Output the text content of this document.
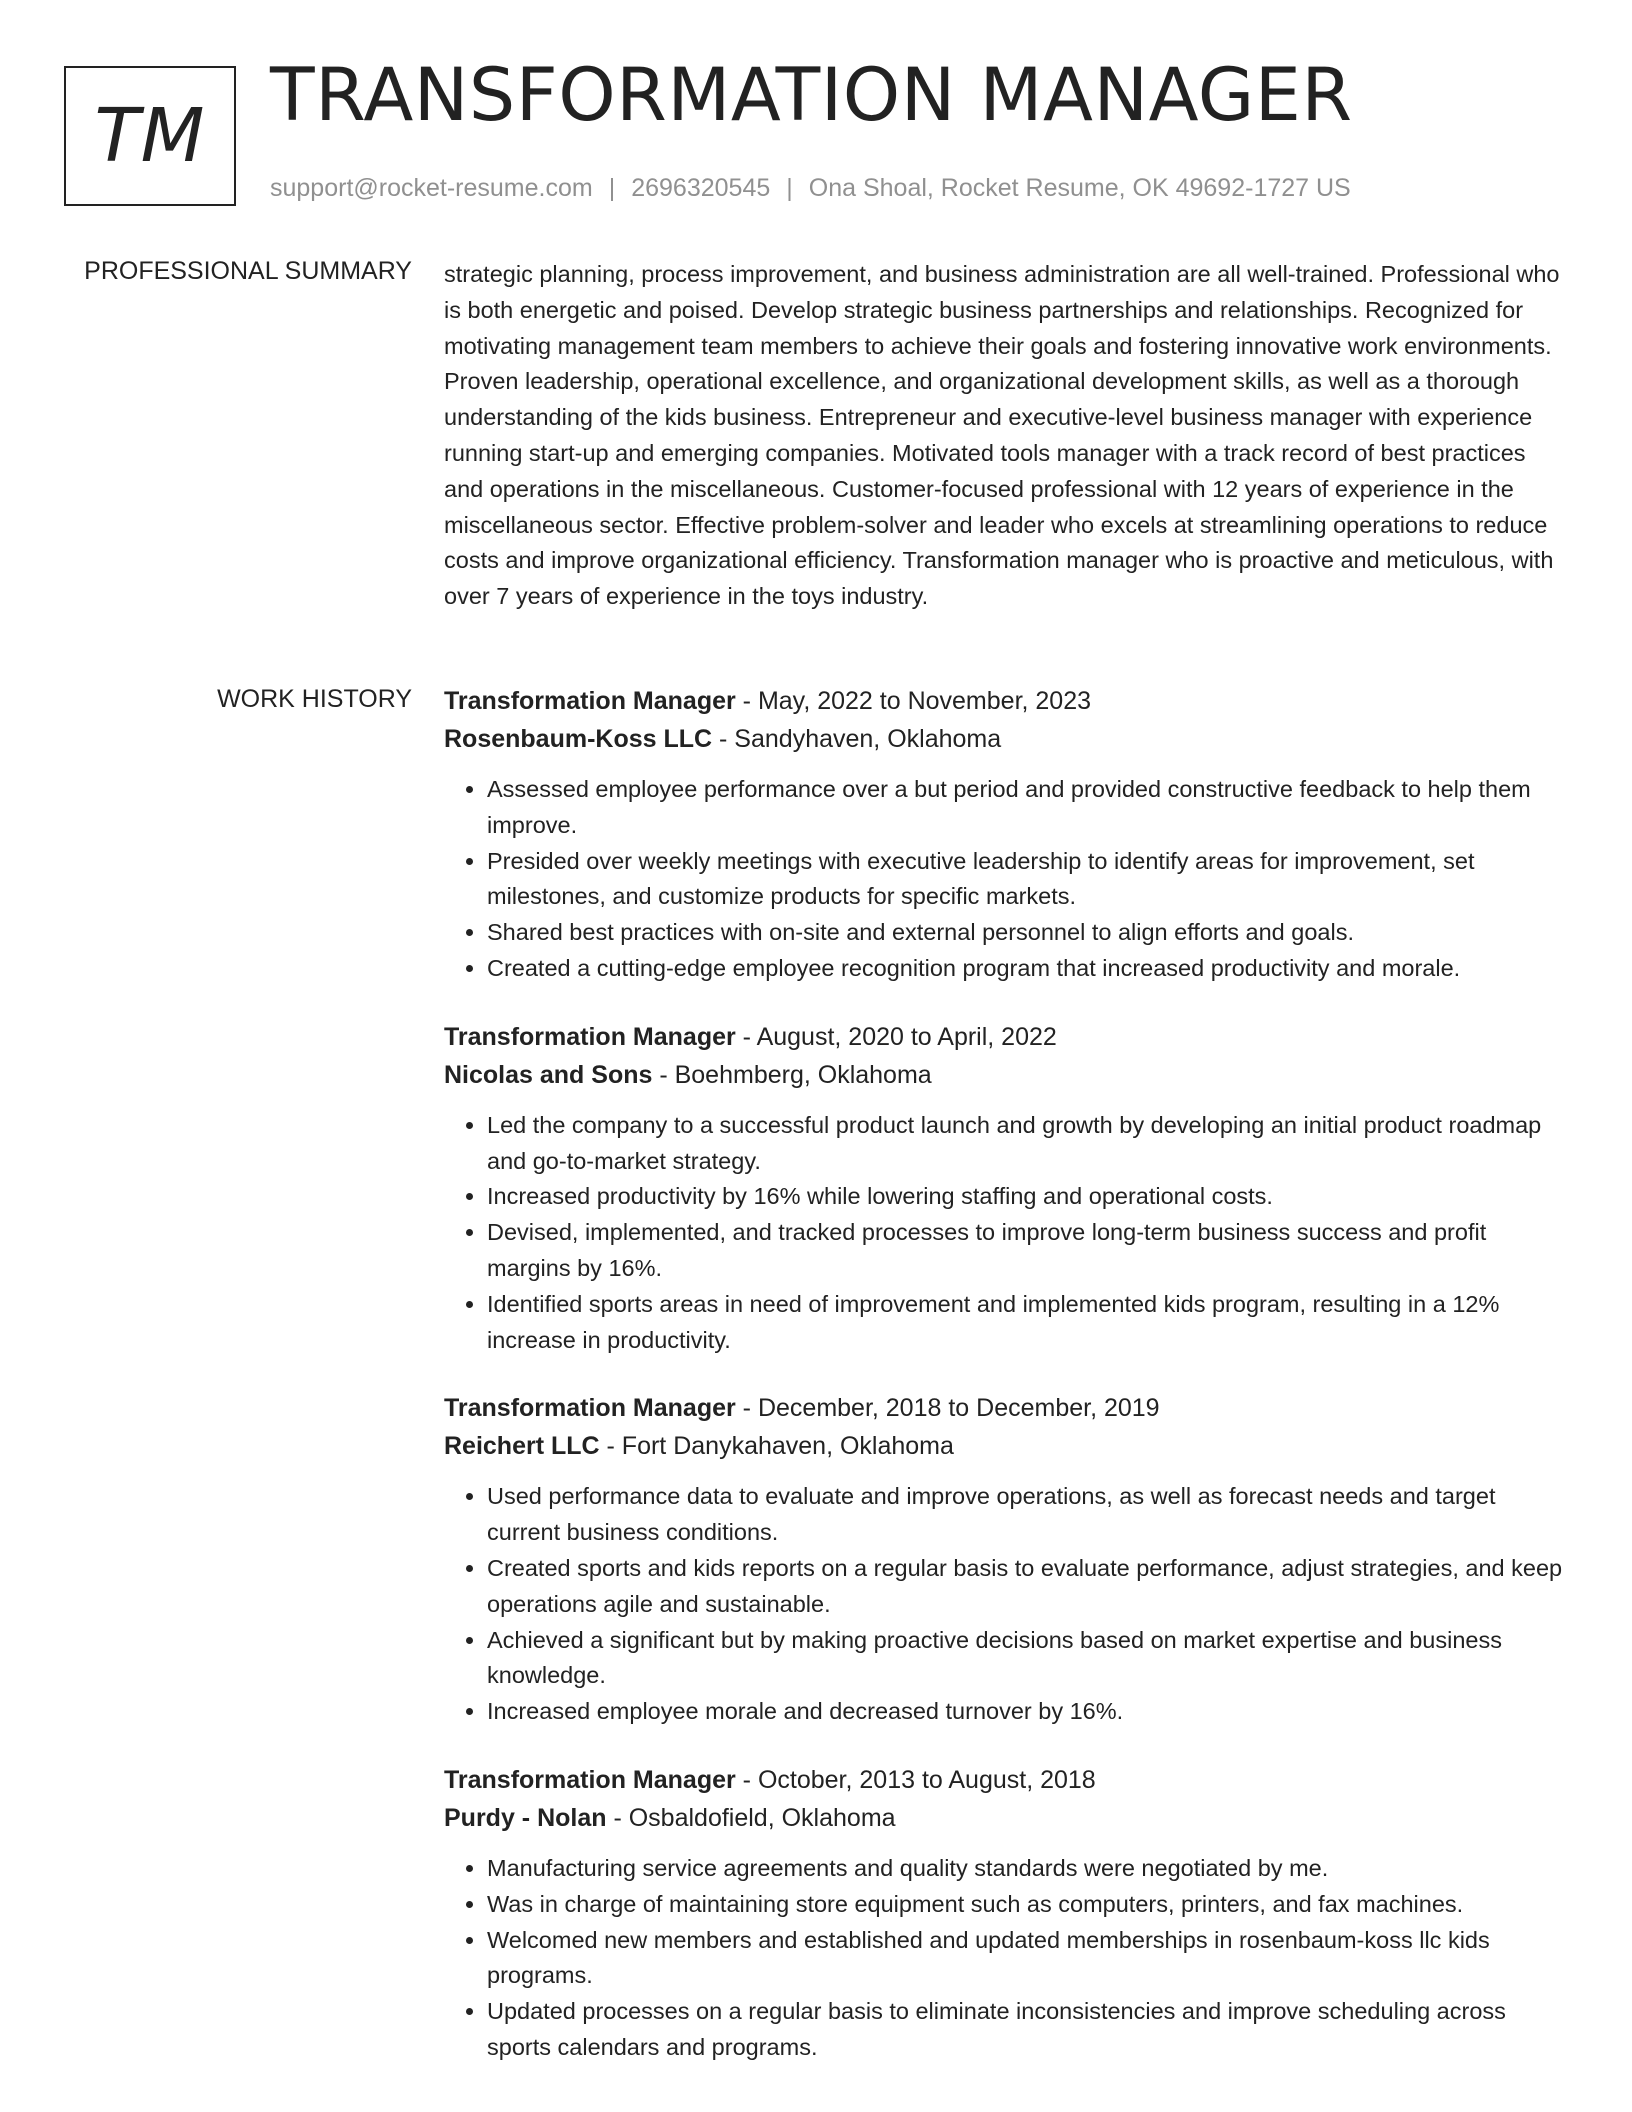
TM TRANSFORMATION MANAGER
support@rocket-resume.com | 2696320545 | Ona Shoal, Rocket Resume, OK 49692-1727 US
PROFESSIONAL SUMMARY strategic planning, process improvement, and business administration are all well-trained. Professional who is both energetic and poised. Develop strategic business partnerships and relationships. Recognized for motivating management team members to achieve their goals and fostering innovative work environments. Proven leadership, operational excellence, and organizational development skills, as well as a thorough understanding of the kids business. Entrepreneur and executive-level business manager with experience running start-up and emerging companies. Motivated tools manager with a track record of best practices and operations in the miscellaneous. Customer-focused professional with 12 years of experience in the miscellaneous sector. Effective problem-solver and leader who excels at streamlining operations to reduce costs and improve organizational efficiency. Transformation manager who is proactive and meticulous, with over 7 years of experience in the toys industry.

WORK HISTORY Transformation Manager - May, 2022 to November, 2023
Rosenbaum-Koss LLC - Sandyhaven, Oklahoma
• Assessed employee performance over a but period and provided constructive feedback to help them improve.
• Presided over weekly meetings with executive leadership to identify areas for improvement, set milestones, and customize products for specific markets.
• Shared best practices with on-site and external personnel to align efforts and goals.
• Created a cutting-edge employee recognition program that increased productivity and morale.
Transformation Manager - August, 2020 to April, 2022
Nicolas and Sons - Boehmberg, Oklahoma
• Led the company to a successful product launch and growth by developing an initial product roadmap and go-to-market strategy.
• Increased productivity by 16% while lowering staffing and operational costs.
• Devised, implemented, and tracked processes to improve long-term business success and profit margins by 16%.
• Identified sports areas in need of improvement and implemented kids program, resulting in a 12% increase in productivity.
Transformation Manager - December, 2018 to December, 2019
Reichert LLC - Fort Danykahaven, Oklahoma
• Used performance data to evaluate and improve operations, as well as forecast needs and target current business conditions.
• Created sports and kids reports on a regular basis to evaluate performance, adjust strategies, and keep operations agile and sustainable.
• Achieved a significant but by making proactive decisions based on market expertise and business knowledge.
• Increased employee morale and decreased turnover by 16%.
Transformation Manager - October, 2013 to August, 2018
Purdy - Nolan - Osbaldofield, Oklahoma
• Manufacturing service agreements and quality standards were negotiated by me.
• Was in charge of maintaining store equipment such as computers, printers, and fax machines.
• Welcomed new members and established and updated memberships in rosenbaum-koss llc kids programs.
• Updated processes on a regular basis to eliminate inconsistencies and improve scheduling across sports calendars and programs.
